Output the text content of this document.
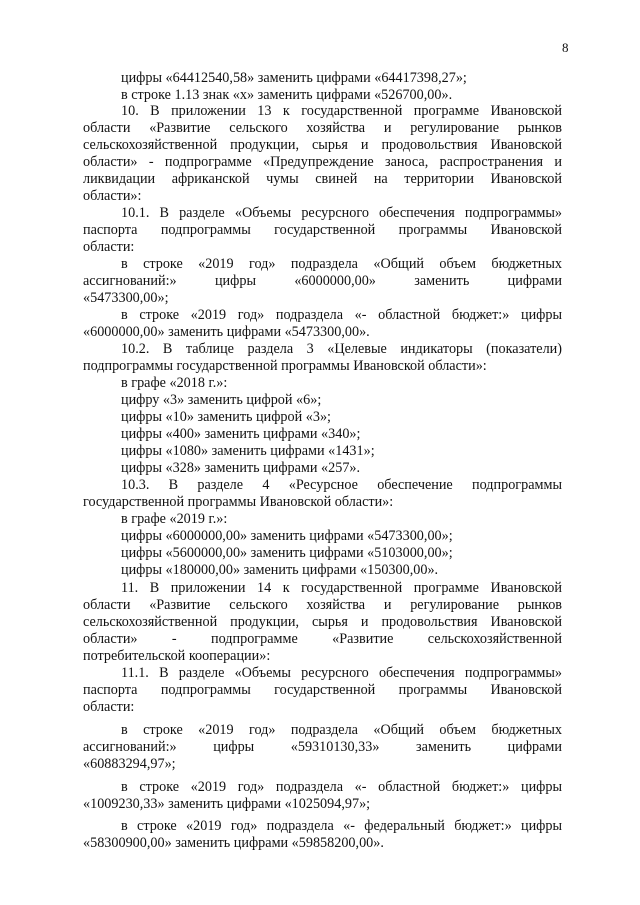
8
цифры «64412540,58» заменить цифрами «64417398,27»;
в строке 1.13 знак «х» заменить цифрами «526700,00».
10. В приложении 13 к государственной программе Ивановской
области «Развитие сельского хозяйства и регулирование рынков
сельскохозяйственной продукции, сырья и продовольствия Ивановской
области» - подпрограмме «Предупреждение заноса, распространения и
ликвидации африканской чумы свиней на территории Ивановской
области»:
10.1. В разделе «Объемы ресурсного обеспечения подпрограммы»
паспорта подпрограммы государственной программы Ивановской
области:
в строке «2019 год» подраздела «Общий объем бюджетных
ассигнований:» цифры «6000000,00» заменить цифрами
«5473300,00»;
в строке «2019 год» подраздела «- областной бюджет:» цифры
«6000000,00» заменить цифрами «5473300,00».
10.2. В таблице раздела 3 «Целевые индикаторы (показатели)
подпрограммы государственной программы Ивановской области»:
в графе «2018 г.»:
цифру «3» заменить цифрой «6»;
цифры «10» заменить цифрой «3»;
цифры «400» заменить цифрами «340»;
цифры «1080» заменить цифрами «1431»;
цифры «328» заменить цифрами «257».
10.3. В разделе 4 «Ресурсное обеспечение подпрограммы
государственной программы Ивановской области»:
в графе «2019 г.»:
цифры «6000000,00» заменить цифрами «5473300,00»;
цифры «5600000,00» заменить цифрами «5103000,00»;
цифры «180000,00» заменить цифрами «150300,00».
11. В приложении 14 к государственной программе Ивановской
области «Развитие сельского хозяйства и регулирование рынков
сельскохозяйственной продукции, сырья и продовольствия Ивановской
области» - подпрограмме «Развитие сельскохозяйственной
потребительской кооперации»:
11.1. В разделе «Объемы ресурсного обеспечения подпрограммы»
паспорта подпрограммы государственной программы Ивановской
области:
в строке «2019 год» подраздела «Общий объем бюджетных
ассигнований:» цифры «59310130,33» заменить цифрами
«60883294,97»;
в строке «2019 год» подраздела «- областной бюджет:» цифры
«1009230,33» заменить цифрами «1025094,97»;
в строке «2019 год» подраздела «- федеральный бюджет:» цифры
«58300900,00» заменить цифрами «59858200,00».
